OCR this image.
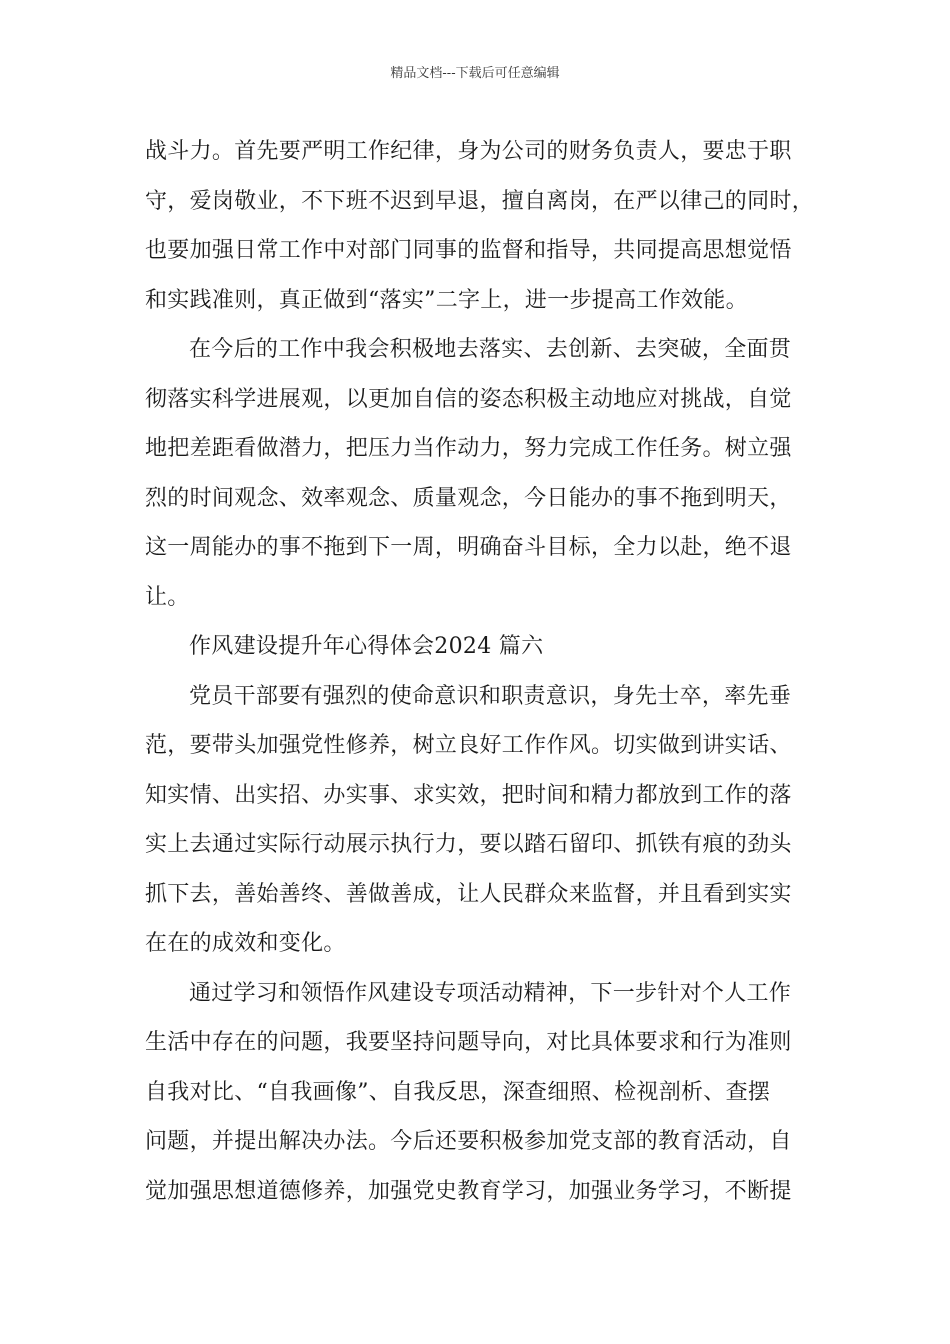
精品文档---下载后可任意编辑
战斗力。首先要严明工作纪律，身为公司的财务负责人，要忠于职
守，爱岗敬业，不下班不迟到早退，擅自离岗，在严以律己的同时，
也要加强日常工作中对部门同事的监督和指导，共同提高思想觉悟
和实践准则，真正做到“落实”二字上，进一步提高工作效能。
在今后的工作中我会积极地去落实、去创新、去突破，全面贯
彻落实科学进展观，以更加自信的姿态积极主动地应对挑战，自觉
地把差距看做潜力，把压力当作动力，努力完成工作任务。树立强
烈的时间观念、效率观念、质量观念，今日能办的事不拖到明天，
这一周能办的事不拖到下一周，明确奋斗目标，全力以赴，绝不退
让。
作风建设提升年心得体会2024 篇六
党员干部要有强烈的使命意识和职责意识，身先士卒，率先垂
范，要带头加强党性修养，树立良好工作作风。切实做到讲实话、
知实情、出实招、办实事、求实效，把时间和精力都放到工作的落
实上去通过实际行动展示执行力，要以踏石留印、抓铁有痕的劲头
抓下去，善始善终、善做善成，让人民群众来监督，并且看到实实
在在的成效和变化。
通过学习和领悟作风建设专项活动精神，下一步针对个人工作
生活中存在的问题，我要坚持问题导向，对比具体要求和行为准则
自我对比、“自我画像”、自我反思，深查细照、检视剖析、查摆
问题，并提出解决办法。今后还要积极参加党支部的教育活动，自
觉加强思想道德修养，加强党史教育学习，加强业务学习，不断提
